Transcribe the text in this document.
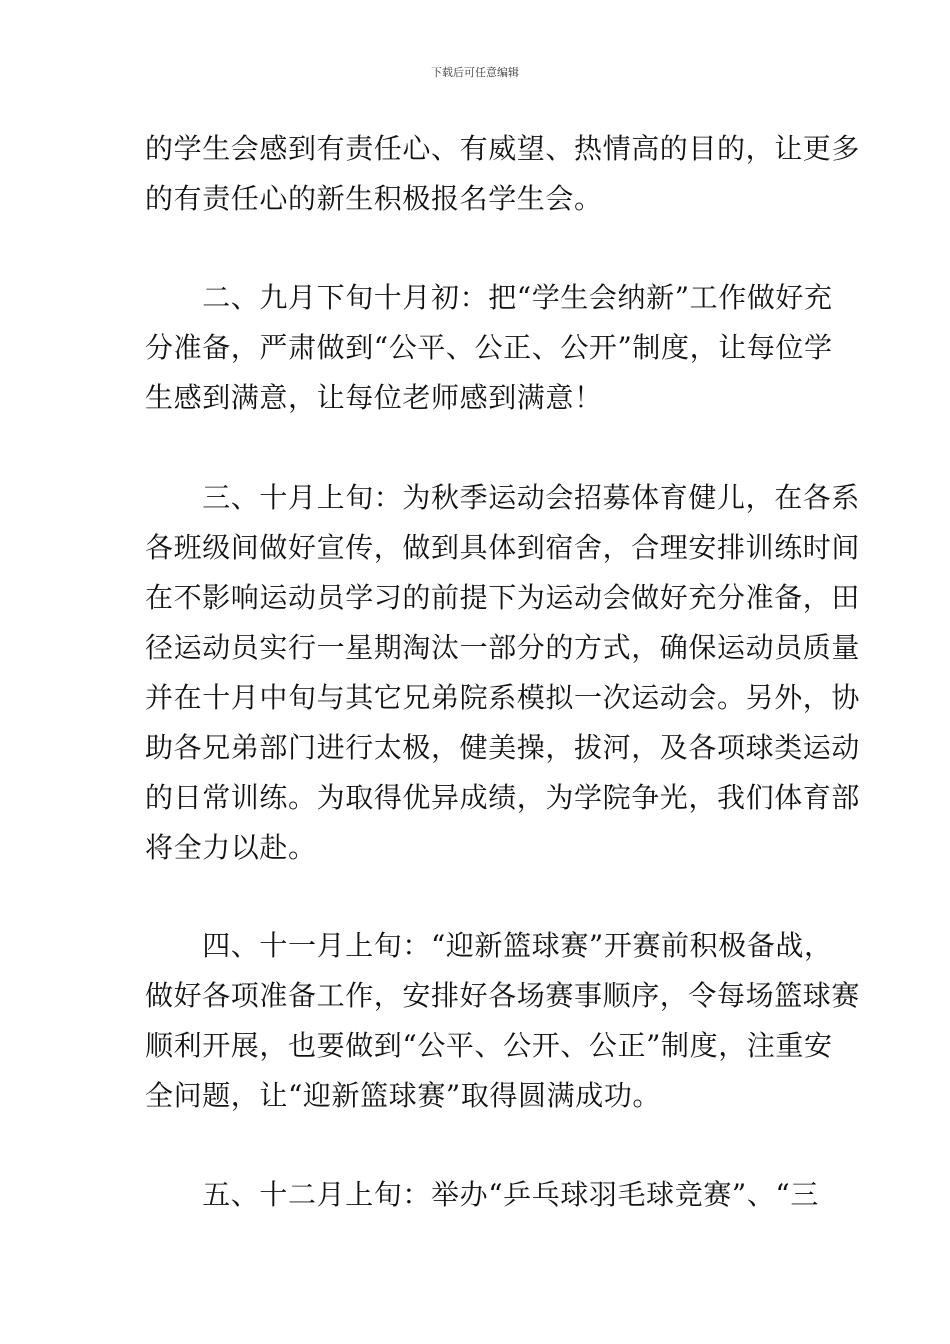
下载后可任意编辑
的学生会感到有责任心、有威望、热情高的目的，让更多
的有责任心的新生积极报名学生会。
　　二、九月下旬十月初：把“学生会纳新”工作做好充
分准备，严肃做到“公平、公正、公开”制度，让每位学
生感到满意，让每位老师感到满意！
　　三、十月上旬：为秋季运动会招募体育健儿，在各系
各班级间做好宣传，做到具体到宿舍，合理安排训练时间
在不影响运动员学习的前提下为运动会做好充分准备，田
径运动员实行一星期淘汰一部分的方式，确保运动员质量
并在十月中旬与其它兄弟院系模拟一次运动会。另外，协
助各兄弟部门进行太极，健美操，拔河，及各项球类运动
的日常训练。为取得优异成绩，为学院争光，我们体育部
将全力以赴。
　　四、十一月上旬：“迎新篮球赛”开赛前积极备战，
做好各项准备工作，安排好各场赛事顺序，令每场篮球赛
顺利开展，也要做到“公平、公开、公正”制度，注重安
全问题，让“迎新篮球赛”取得圆满成功。
　　五、十二月上旬：举办“乒乓球羽毛球竞赛”、“三
